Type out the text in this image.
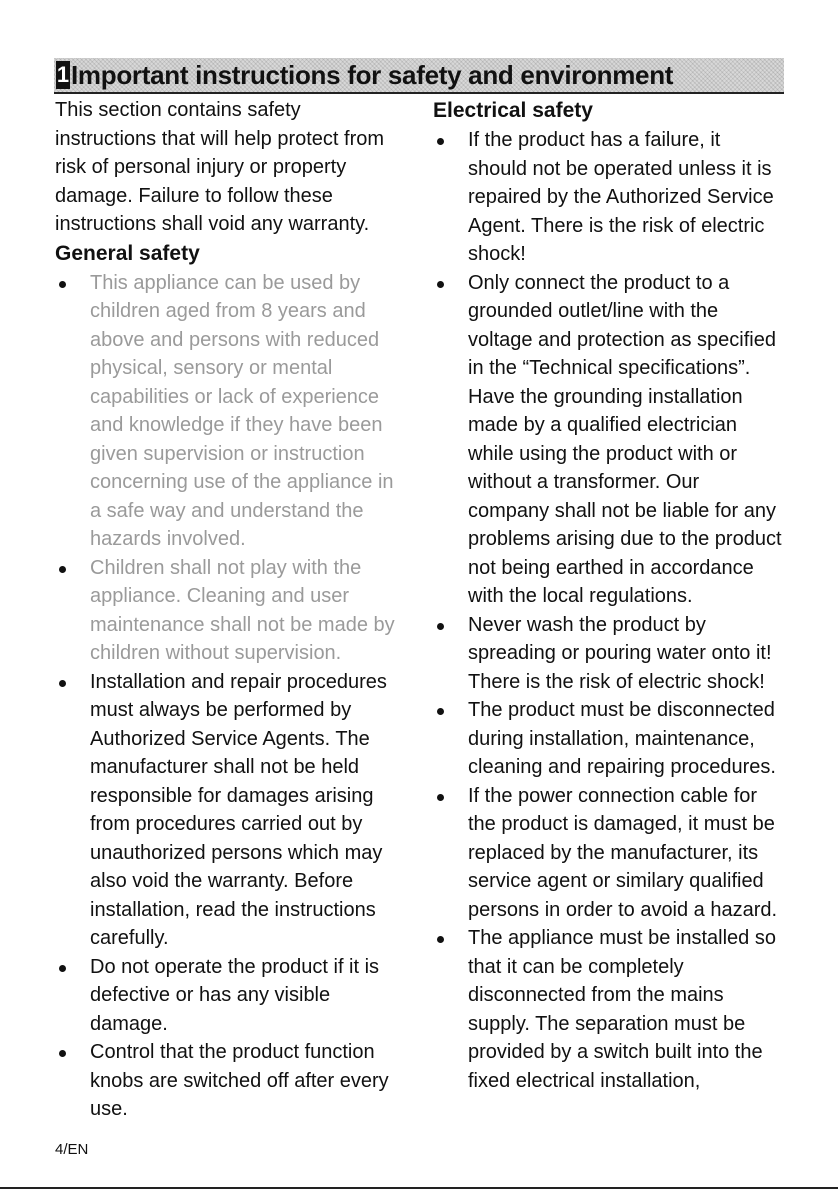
1 Important instructions for safety and environment

This section contains safety instructions that will help protect from risk of personal injury or property damage. Failure to follow these instructions shall void any warranty.

General safety
This appliance can be used by children aged from 8 years and above and persons with reduced physical, sensory or mental capabilities or lack of experience and knowledge if they have been given supervision or instruction concerning use of the appliance in a safe way and understand the hazards involved.
Children shall not play with the appliance. Cleaning and user maintenance shall not be made by children without supervision.
Installation and repair procedures must always be performed by Authorized Service Agents. The manufacturer shall not be held responsible for damages arising from procedures carried out by unauthorized persons which may also void the warranty. Before installation, read the instructions carefully.
Do not operate the product if it is defective or has any visible damage.
Control that the product function knobs are switched off after every use.
Electrical safety
If the product has a failure, it should not be operated unless it is repaired by the Authorized Service Agent. There is the risk of electric shock!
Only connect the product to a grounded outlet/line with the voltage and protection as specified in the “Technical specifications”. Have the grounding installation made by a qualified electrician while using the product with or without a transformer. Our company shall not be liable for any problems arising due to the product not being earthed in accordance with the local regulations.
Never wash the product by spreading or pouring water onto it! There is the risk of electric shock!
The product must be disconnected during installation, maintenance, cleaning and repairing procedures.
If the power connection cable for the product is damaged, it must be replaced by the manufacturer, its service agent or similary qualified persons in order to avoid a hazard.
The appliance must be installed so that it can be completely disconnected from the mains supply. The separation must be provided by a switch built into the fixed electrical installation,
4/EN
